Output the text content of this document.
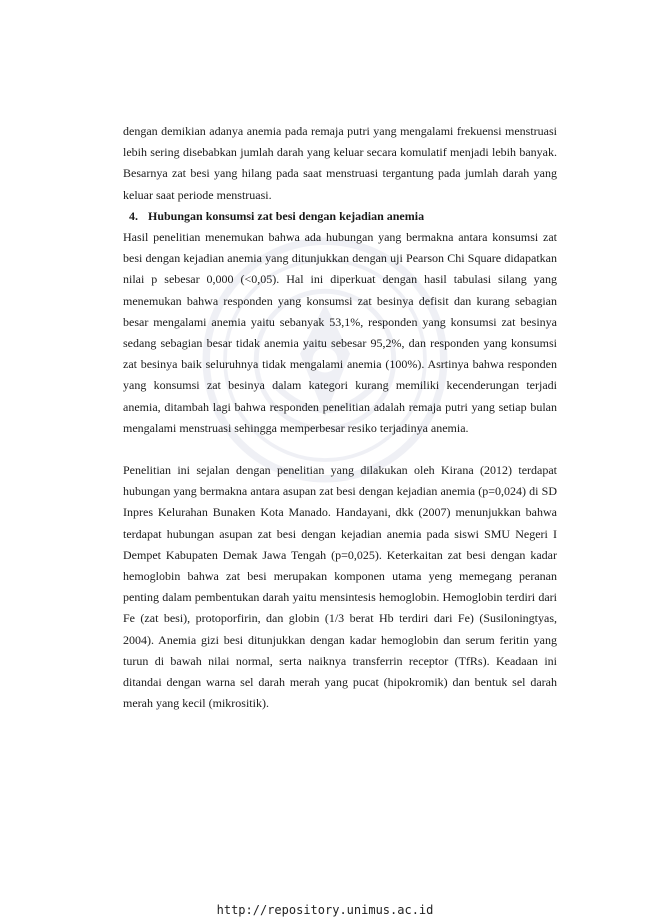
dengan demikian adanya anemia pada remaja putri yang mengalami frekuensi menstruasi lebih sering disebabkan jumlah darah yang keluar secara komulatif menjadi lebih banyak. Besarnya zat besi yang hilang pada saat menstruasi tergantung pada jumlah darah yang keluar saat periode menstruasi.

4. Hubungan konsumsi zat besi dengan kejadian anemia

Hasil penelitian menemukan bahwa ada hubungan yang bermakna antara konsumsi zat besi dengan kejadian anemia yang ditunjukkan dengan uji Pearson Chi Square didapatkan nilai p sebesar 0,000 (<0,05). Hal ini diperkuat dengan hasil tabulasi silang yang menemukan bahwa responden yang konsumsi zat besinya defisit dan kurang sebagian besar mengalami anemia yaitu sebanyak 53,1%, responden yang konsumsi zat besinya sedang sebagian besar tidak anemia yaitu sebesar 95,2%, dan responden yang konsumsi zat besinya baik seluruhnya tidak mengalami anemia (100%). Asrtinya bahwa responden yang konsumsi zat besinya dalam kategori kurang memiliki kecenderungan terjadi anemia, ditambah lagi bahwa responden penelitian adalah remaja putri yang setiap bulan mengalami menstruasi sehingga memperbesar resiko terjadinya anemia.

Penelitian ini sejalan dengan penelitian yang dilakukan oleh Kirana (2012) terdapat hubungan yang bermakna antara asupan zat besi dengan kejadian anemia (p=0,024) di SD Inpres Kelurahan Bunaken Kota Manado. Handayani, dkk (2007) menunjukkan bahwa terdapat hubungan asupan zat besi dengan kejadian anemia pada siswi SMU Negeri I Dempet Kabupaten Demak Jawa Tengah (p=0,025). Keterkaitan zat besi dengan kadar hemoglobin bahwa zat besi merupakan komponen utama yeng memegang peranan penting dalam pembentukan darah yaitu mensintesis hemoglobin. Hemoglobin terdiri dari Fe (zat besi), protoporfirin, dan globin (1/3 berat Hb terdiri dari Fe) (Susiloningtyas, 2004). Anemia gizi besi ditunjukkan dengan kadar hemoglobin dan serum feritin yang turun di bawah nilai normal, serta naiknya transferrin receptor (TfRs). Keadaan ini ditandai dengan warna sel darah merah yang pucat (hipokromik) dan bentuk sel darah merah yang kecil (mikrositik).

http://repository.unimus.ac.id
